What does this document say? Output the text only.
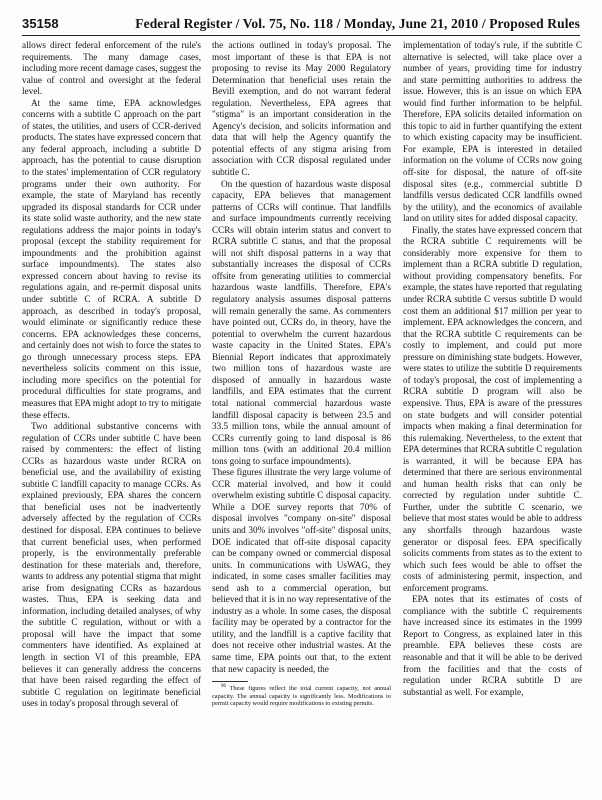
35158	Federal Register / Vol. 75, No. 118 / Monday, June 21, 2010 / Proposed Rules

allows direct federal enforcement of the rule's requirements. The many damage cases, including more recent damage cases, suggest the value of control and oversight at the federal level.

At the same time, EPA acknowledges concerns with a subtitle C approach on the part of states, the utilities, and users of CCR-derived products. The states have expressed concern that any federal approach, including a subtitle D approach, has the potential to cause disruption to the states' implementation of CCR regulatory programs under their own authority. For example, the state of Maryland has recently upgraded its disposal standards for CCR under its state solid waste authority, and the new state regulations address the major points in today's proposal (except the stability requirement for impoundments and the prohibition against surface impoundments). The states also expressed concern about having to revise its regulations again, and re-permit disposal units under subtitle C of RCRA. A subtitle D approach, as described in today's proposal, would eliminate or significantly reduce these concerns. EPA acknowledges these concerns, and certainly does not wish to force the states to go through unnecessary process steps. EPA nevertheless solicits comment on this issue, including more specifics on the potential for procedural difficulties for state programs, and measures that EPA might adopt to try to mitigate these effects.

Two additional substantive concerns with regulation of CCRs under subtitle C have been raised by commenters: the effect of listing CCRs as hazardous waste under RCRA on beneficial use, and the availability of existing subtitle C landfill capacity to manage CCRs. As explained previously, EPA shares the concern that beneficial uses not be inadvertently adversely affected by the regulation of CCRs destined for disposal. EPA continues to believe that current beneficial uses, when performed properly, is the environmentally preferable destination for these materials and, therefore, wants to address any potential stigma that might arise from designating CCRs as hazardous wastes. Thus, EPA is seeking data and information, including detailed analyses, of why the subtitle C regulation, without or with a proposal will have the impact that some commenters have identified. As explained at length in section VI of this preamble, EPA believes it can generally address the concerns that have been raised regarding the effect of subtitle C regulation on legitimate beneficial uses in today's proposal through several of

the actions outlined in today's proposal. The most important of these is that EPA is not proposing to revise its May 2000 Regulatory Determination that beneficial uses retain the Bevill exemption, and do not warrant federal regulation. Nevertheless, EPA agrees that "stigma" is an important consideration in the Agency's decision, and solicits information and data that will help the Agency quantify the potential effects of any stigma arising from association with CCR disposal regulated under subtitle C.

On the question of hazardous waste disposal capacity, EPA believes that management patterns of CCRs will continue. That landfills and surface impoundments currently receiving CCRs will obtain interim status and convert to RCRA subtitle C status, and that the proposal will not shift disposal patterns in a way that substantially increases the disposal of CCRs offsite from generating utilities to commercial hazardous waste landfills. Therefore, EPA's regulatory analysis assumes disposal patterns will remain generally the same. As commenters have pointed out, CCRs do, in theory, have the potential to overwhelm the current hazardous waste capacity in the United States. EPA's Biennial Report indicates that approximately two million tons of hazardous waste are disposed of annually in hazardous waste landfills, and EPA estimates that the current total national commercial hazardous waste landfill disposal capacity is between 23.5 and 33.5 million tons, while the annual amount of CCRs currently going to land disposal is 86 million tons (with an additional 20.4 million tons going to surface impoundments).

These figures illustrate the very large volume of CCR material involved, and how it could overwhelm existing subtitle C disposal capacity. While a DOE survey reports that 70% of disposal involves "company on-site" disposal units and 30% involves "off-site" disposal units, DOE indicated that off-site disposal capacity can be company owned or commercial disposal units. In communications with UsWAG, they indicated, in some cases smaller facilities may send ash to a commercial operation, but believed that it is in no way representative of the industry as a whole. In some cases, the disposal facility may be operated by a contractor for the utility, and the landfill is a captive facility that does not receive other industrial wastes. At the same time, EPA points out that, to the extent that new capacity is needed, the

$^{96}$ These figures reflect the total current capacity, not annual capacity. The annual capacity is significantly less. Modifications to permit capacity would require modifications to existing permits.

implementation of today's rule, if the subtitle C alternative is selected, will take place over a number of years, providing time for industry and state permitting authorities to address the issue. However, this is an issue on which EPA would find further information to be helpful. Therefore, EPA solicits detailed information on this topic to aid in further quantifying the extent to which existing capacity may be insufficient. For example, EPA is interested in detailed information on the volume of CCRs now going off-site for disposal, the nature of off-site disposal sites (e.g., commercial subtitle D landfills versus dedicated CCR landfills owned by the utility), and the economics of available land on utility sites for added disposal capacity.

Finally, the states have expressed concern that the RCRA subtitle C requirements will be considerably more expensive for them to implement than a RCRA subtitle D regulation, without providing compensatory benefits. For example, the states have reported that regulating under RCRA subtitle C versus subtitle D would cost them an additional $17 million per year to implement. EPA acknowledges the concern, and that the RCRA subtitle C requirements can be costly to implement, and could put more pressure on diminishing state budgets. However, were states to utilize the subtitle D requirements of today's proposal, the cost of implementing a RCRA subtitle D program will also be expensive. Thus, EPA is aware of the pressures on state budgets and will consider potential impacts when making a final determination for this rulemaking. Nevertheless, to the extent that EPA determines that RCRA subtitle C regulation is warranted, it will be because EPA has determined that there are serious environmental and human health risks that can only be corrected by regulation under subtitle C. Further, under the subtitle C scenario, we believe that most states would be able to address any shortfalls through hazardous waste generator or disposal fees. EPA specifically solicits comments from states as to the extent to which such fees would be able to offset the costs of administering permit, inspection, and enforcement programs.

EPA notes that its estimates of costs of compliance with the subtitle C requirements have increased since its estimates in the 1999 Report to Congress, as explained later in this preamble. EPA believes these costs are reasonable and that it will be able to be derived from the facilities and that the costs of regulation under RCRA subtitle D are substantial as well. For example,
